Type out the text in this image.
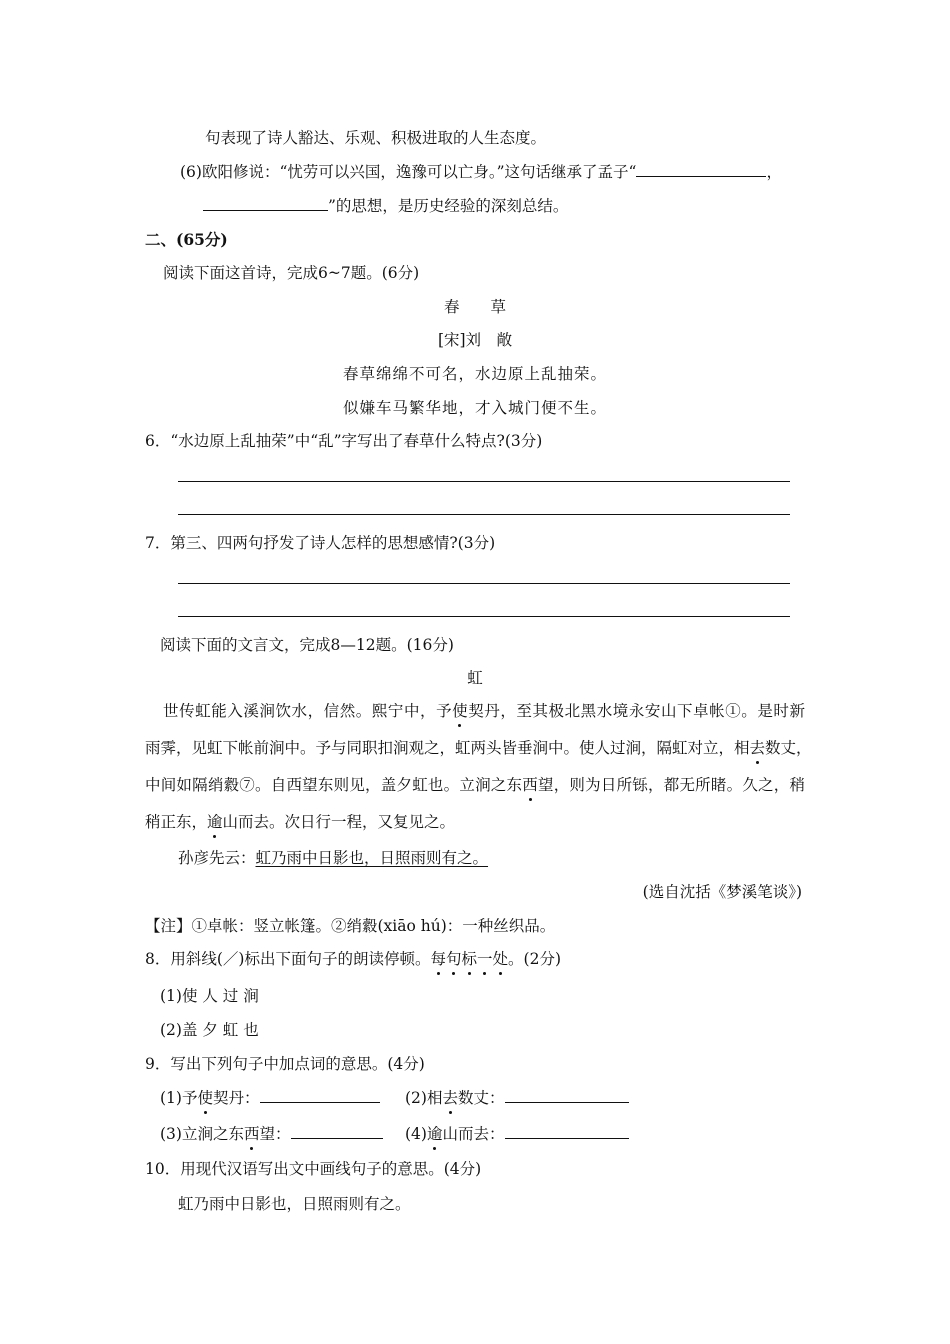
句表现了诗人豁达、乐观、积极进取的人生态度。
(6)欧阳修说：“忧劳可以兴国，逸豫可以亡身。”这句话继承了孟子“	，
”的思想，是历史经验的深刻总结。
二、(65分)
阅读下面这首诗，完成6~7题。(6分)
春　　草
[宋]刘　敞
春草绵绵不可名，水边原上乱抽荣。
似嫌车马繁华地，才入城门便不生。
6．“水边原上乱抽荣”中“乱”字写出了春草什么特点?(3分)
7．第三、四两句抒发了诗人怎样的思想感情?(3分)
阅读下面的文言文，完成8—12题。(16分)
虹
世传虹能入溪涧饮水，信然。熙宁中，予使契丹，至其极北黑水境永安山下卓帐①。是时新
雨霁，见虹下帐前涧中。予与同职扣涧观之，虹两头皆垂涧中。使人过涧，隔虹对立，相去数丈，
中间如隔绡縠⑦。自西望东则见，盖夕虹也。立涧之东西望，则为日所铄，都无所睹。久之，稍
稍正东，逾山而去。次日行一程，又复见之。
孙彦先云：虹乃雨中日影也，日照雨则有之。
(选自沈括《梦溪笔谈》)
【注】①卓帐：竖立帐篷。②绡縠(xiāo hú)：一种丝织品。
8．用斜线(／)标出下面句子的朗读停顿。每句标一处。(2分)
(1)使 人 过 涧
(2)盖 夕 虹 也
9．写出下列句子中加点词的意思。(4分)
(1)予使契丹：	(2)相去数丈：
(3)立涧之东西望：	(4)逾山而去：
10．用现代汉语写出文中画线句子的意思。(4分)
虹乃雨中日影也，日照雨则有之。
